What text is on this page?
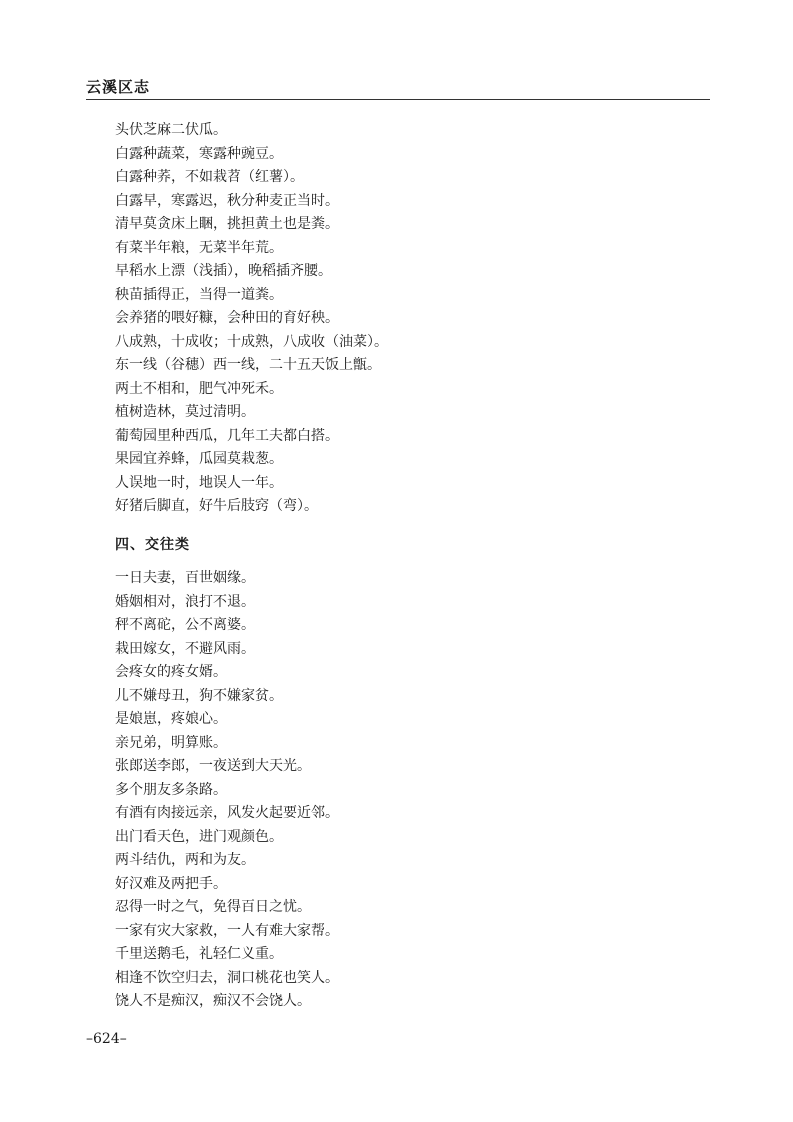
云溪区志
头伏芝麻二伏瓜。
白露种蔬菜，寒露种豌豆。
白露种荞，不如栽苕（红薯）。
白露早，寒露迟，秋分种麦正当时。
清早莫贪床上睏，挑担黄土也是粪。
有菜半年粮，无菜半年荒。
早稻水上漂（浅插），晚稻插齐腰。
秧苗插得正，当得一道粪。
会养猪的喂好糠，会种田的育好秧。
八成熟，十成收；十成熟，八成收（油菜）。
东一线（谷穗）西一线，二十五天饭上甑。
两土不相和，肥气冲死禾。
植树造林，莫过清明。
葡萄园里种西瓜，几年工夫都白搭。
果园宜养蜂，瓜园莫栽葱。
人误地一时，地误人一年。
好猪后脚直，好牛后肢窍（弯）。
四、交往类
一日夫妻，百世姻缘。
婚姻相对，浪打不退。
秤不离砣，公不离婆。
栽田嫁女，不避风雨。
会疼女的疼女婿。
儿不嫌母丑，狗不嫌家贫。
是娘崽，疼娘心。
亲兄弟，明算账。
张郎送李郎，一夜送到大天光。
多个朋友多条路。
有酒有肉接远亲，风发火起要近邻。
出门看天色，进门观颜色。
两斗结仇，两和为友。
好汉难及两把手。
忍得一时之气，免得百日之忧。
一家有灾大家救，一人有难大家帮。
千里送鹅毛，礼轻仁义重。
相逢不饮空归去，洞口桃花也笑人。
饶人不是痴汉，痴汉不会饶人。
–624–
